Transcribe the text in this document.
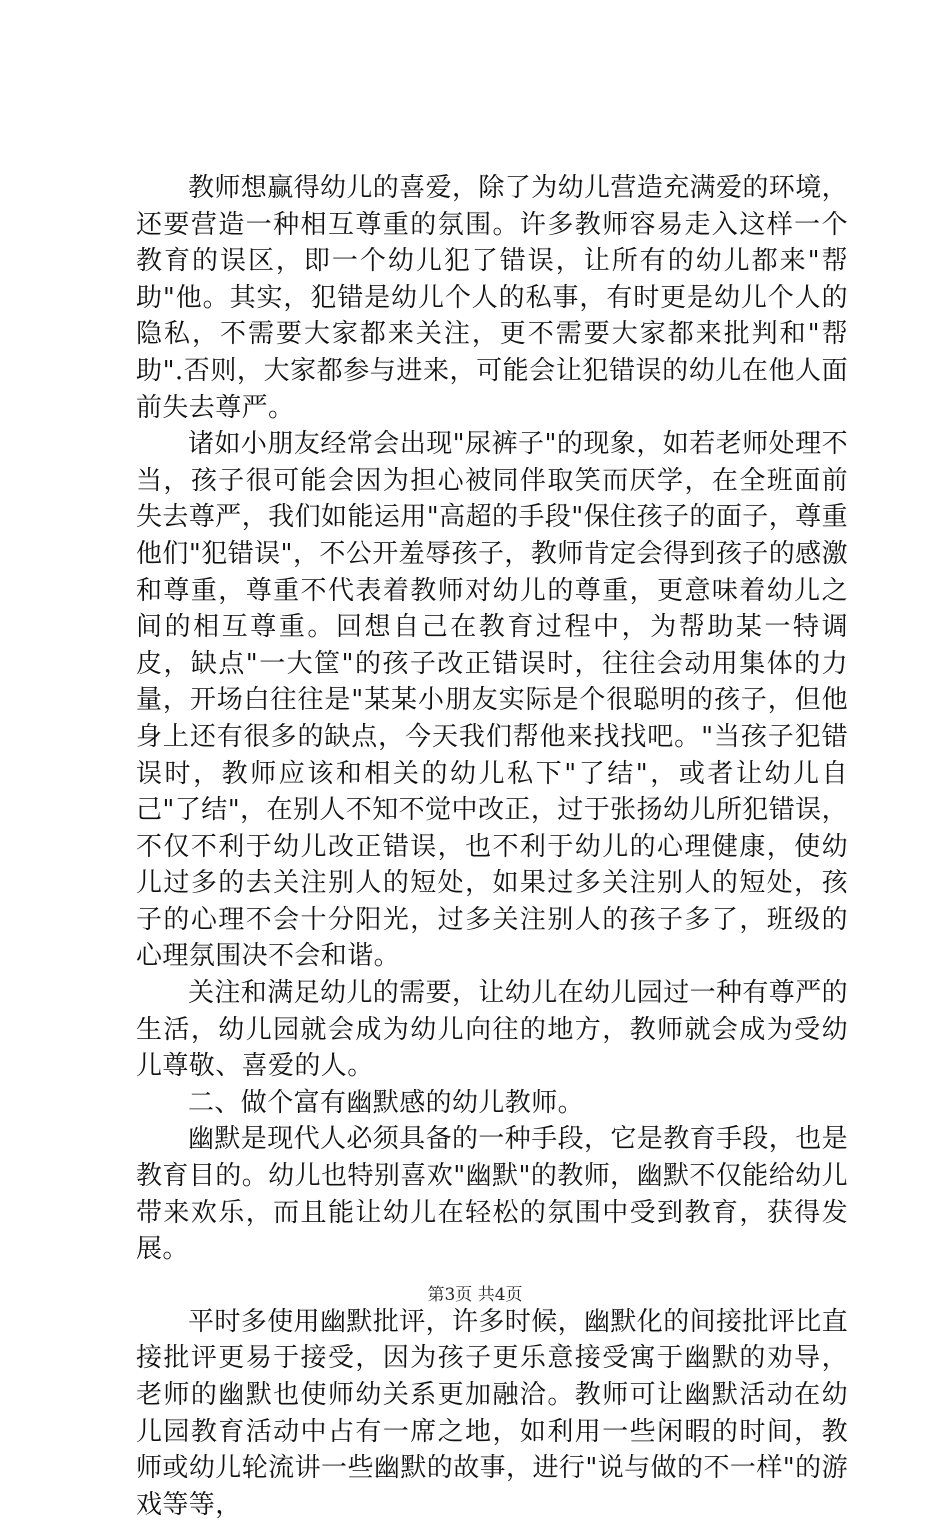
教师想赢得幼儿的喜爱，除了为幼儿营造充满爱的环境，还要营造一种相互尊重的氛围。许多教师容易走入这样一个教育的误区，即一个幼儿犯了错误，让所有的幼儿都来"帮助"他。其实，犯错是幼儿个人的私事，有时更是幼儿个人的隐私，不需要大家都来关注，更不需要大家都来批判和"帮助".否则，大家都参与进来，可能会让犯错误的幼儿在他人面前失去尊严。

诸如小朋友经常会出现"尿裤子"的现象，如若老师处理不当，孩子很可能会因为担心被同伴取笑而厌学，在全班面前失去尊严，我们如能运用"高超的手段"保住孩子的面子，尊重他们"犯错误"，不公开羞辱孩子，教师肯定会得到孩子的感激和尊重，尊重不代表着教师对幼儿的尊重，更意味着幼儿之间的相互尊重。回想自己在教育过程中，为帮助某一特调皮，缺点"一大筐"的孩子改正错误时，往往会动用集体的力量，开场白往往是"某某小朋友实际是个很聪明的孩子，但他身上还有很多的缺点，今天我们帮他来找找吧。"当孩子犯错误时，教师应该和相关的幼儿私下"了结"，或者让幼儿自己"了结"，在别人不知不觉中改正，过于张扬幼儿所犯错误，不仅不利于幼儿改正错误，也不利于幼儿的心理健康，使幼儿过多的去关注别人的短处，如果过多关注别人的短处，孩子的心理不会十分阳光，过多关注别人的孩子多了，班级的心理氛围决不会和谐。

关注和满足幼儿的需要，让幼儿在幼儿园过一种有尊严的生活，幼儿园就会成为幼儿向往的地方，教师就会成为受幼儿尊敬、喜爱的人。

二、做个富有幽默感的幼儿教师。

幽默是现代人必须具备的一种手段，它是教育手段，也是教育目的。幼儿也特别喜欢"幽默"的教师，幽默不仅能给幼儿带来欢乐，而且能让幼儿在轻松的氛围中受到教育，获得发展。

平时多使用幽默批评，许多时候，幽默化的间接批评比直接批评更易于接受，因为孩子更乐意接受寓于幽默的劝导，老师的幽默也使师幼关系更加融洽。教师可让幽默活动在幼儿园教育活动中占有一席之地，如利用一些闲暇的时间，教师或幼儿轮流讲一些幽默的故事，进行"说与做的不一样"的游戏等等，

第3页 共4页
